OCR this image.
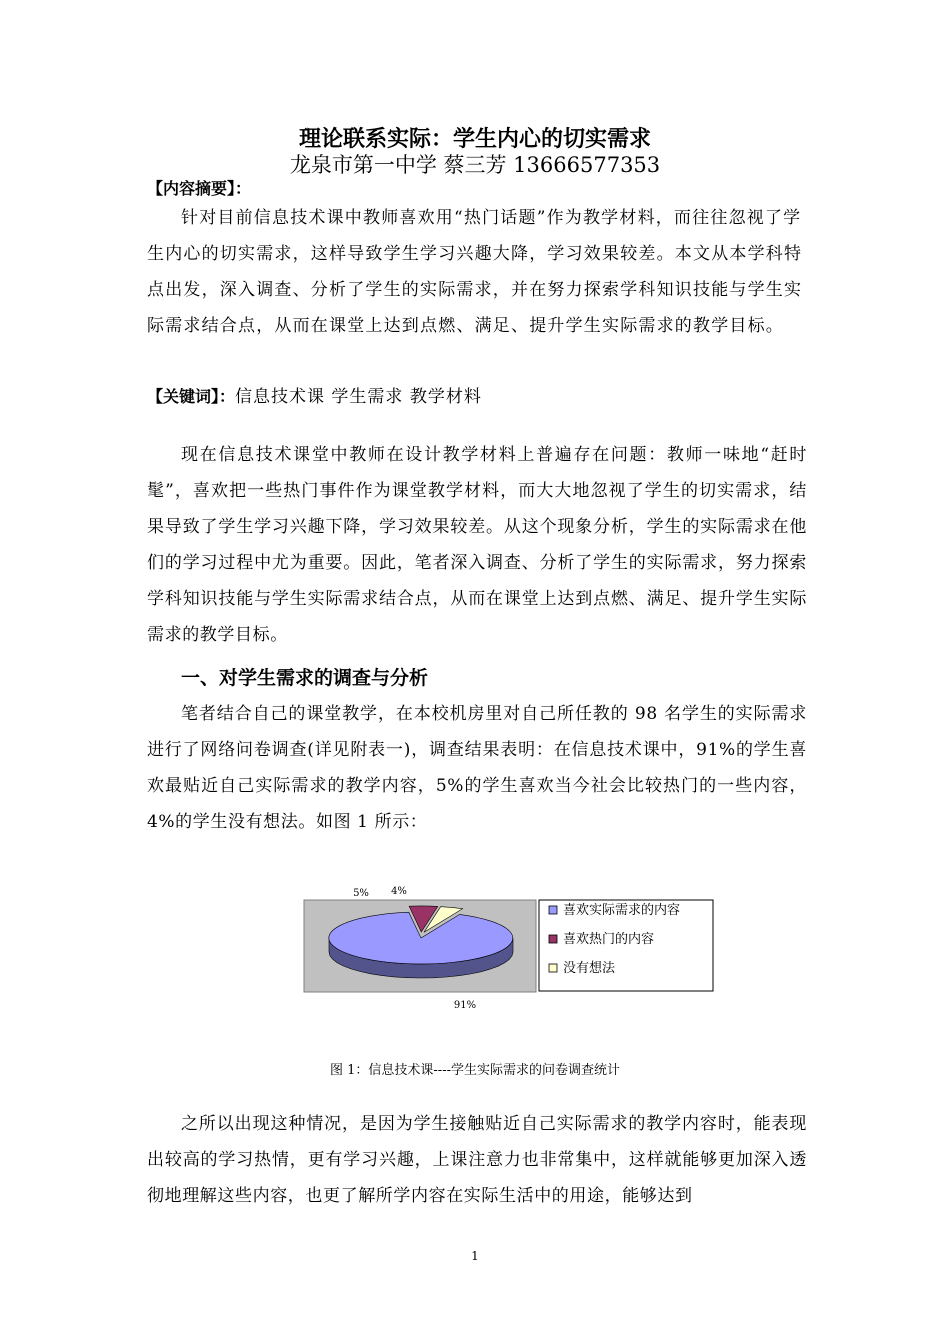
理论联系实际：学生内心的切实需求
龙泉市第一中学 蔡三芳 13666577353
【内容摘要】：

针对目前信息技术课中教师喜欢用“热门话题”作为教学材料，而往往忽视了学生内心的切实需求，这样导致学生学习兴趣大降，学习效果较差。本文从本学科特点出发，深入调查、分析了学生的实际需求，并在努力探索学科知识技能与学生实际需求结合点，从而在课堂上达到点燃、满足、提升学生实际需求的教学目标。

【关键词】：信息技术课 学生需求 教学材料

现在信息技术课堂中教师在设计教学材料上普遍存在问题：教师一味地“赶时髦”，喜欢把一些热门事件作为课堂教学材料，而大大地忽视了学生的切实需求，结果导致了学生学习兴趣下降，学习效果较差。从这个现象分析，学生的实际需求在他们的学习过程中尤为重要。因此，笔者深入调查、分析了学生的实际需求，努力探索学科知识技能与学生实际需求结合点，从而在课堂上达到点燃、满足、提升学生实际需求的教学目标。

一、对学生需求的调查与分析

笔者结合自己的课堂教学，在本校机房里对自己所任教的 98 名学生的实际需求进行了网络问卷调查(详见附表一)，调查结果表明：在信息技术课中，91%的学生喜欢最贴近自己实际需求的教学内容，5%的学生喜欢当今社会比较热门的一些内容，4%的学生没有想法。如图 1 所示：

喜欢实际需求的内容
喜欢热门的内容
没有想法
91%
5% 4%
图 1：信息技术课----学生实际需求的问卷调查统计

之所以出现这种情况，是因为学生接触贴近自己实际需求的教学内容时，能表现出较高的学习热情，更有学习兴趣，上课注意力也非常集中，这样就能够更加深入透彻地理解这些内容，也更了解所学内容在实际生活中的用途，能够达到

1
